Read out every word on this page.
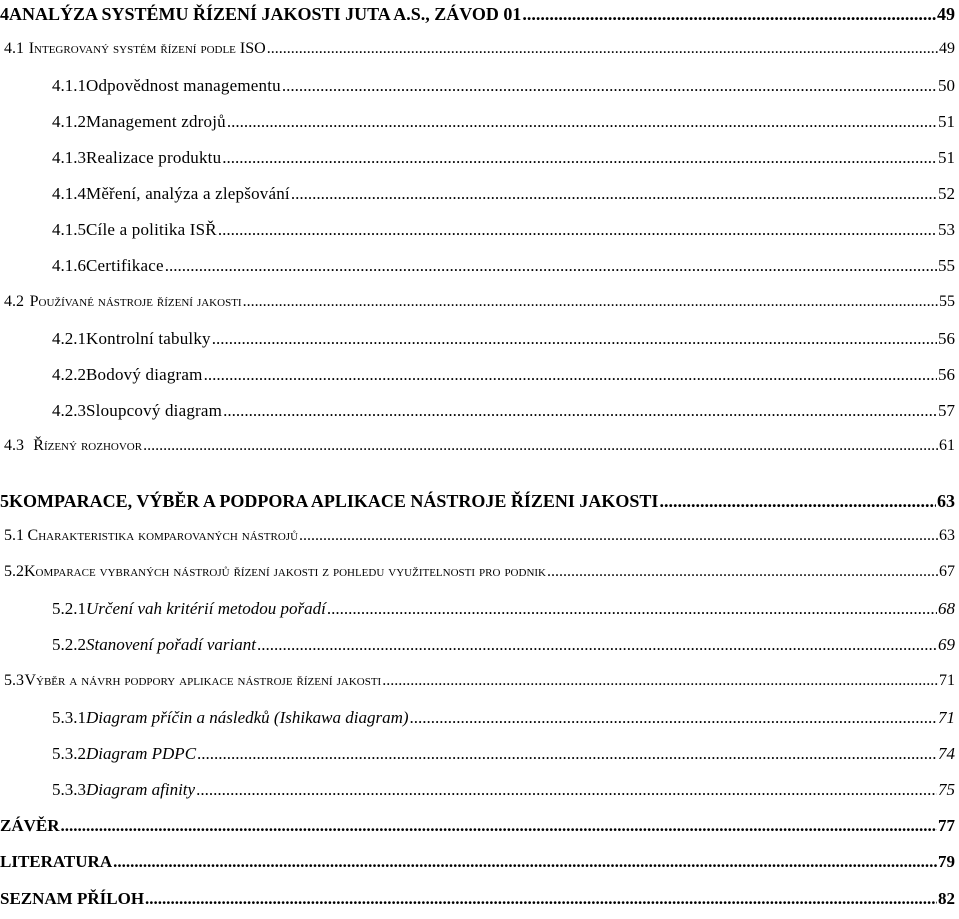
4 ANALÝZA SYSTÉMU ŘÍZENÍ JAKOSTI JUTA A.S., ZÁVOD 01 .....	49
4.1 Integrovaný systém řízení podle ISO .....	49
4.1.1 Odpovědnost managementu .....	50
4.1.2 Management zdrojů .....	51
4.1.3 Realizace produktu .....	51
4.1.4 Měření, analýza a zlepšování .....	52
4.1.5 Cíle a politika ISŘ .....	53
4.1.6 Certifikace .....	55
4.2 Používané nástroje řízení jakosti .....	55
4.2.1 Kontrolní tabulky .....	56
4.2.2 Bodový diagram .....	56
4.2.3 Sloupcový diagram .....	57
4.3 Řízený rozhovor .....	61
5 KOMPARACE, VÝBĚR A PODPORA APLIKACE NÁSTROJE ŘÍZENI JAKOSTI .....	63
5.1 Charakteristika komparovaných nástrojů .....	63
5.2 Komparace vybraných nástrojů řízení jakosti z pohledu využitelnosti pro podnik .....	67
5.2.1 Určení vah kritérií metodou pořadí .....	68
5.2.2 Stanovení pořadí variant .....	69
5.3 Výběr a návrh podpory aplikace nástroje řízení jakosti .....	71
5.3.1 Diagram příčin a následků (Ishikawa diagram) .....	71
5.3.2 Diagram PDPC .....	74
5.3.3 Diagram afinity .....	75
ZÁVĚR .....	77
LITERATURA .....	79
SEZNAM PŘÍLOH .....	82
